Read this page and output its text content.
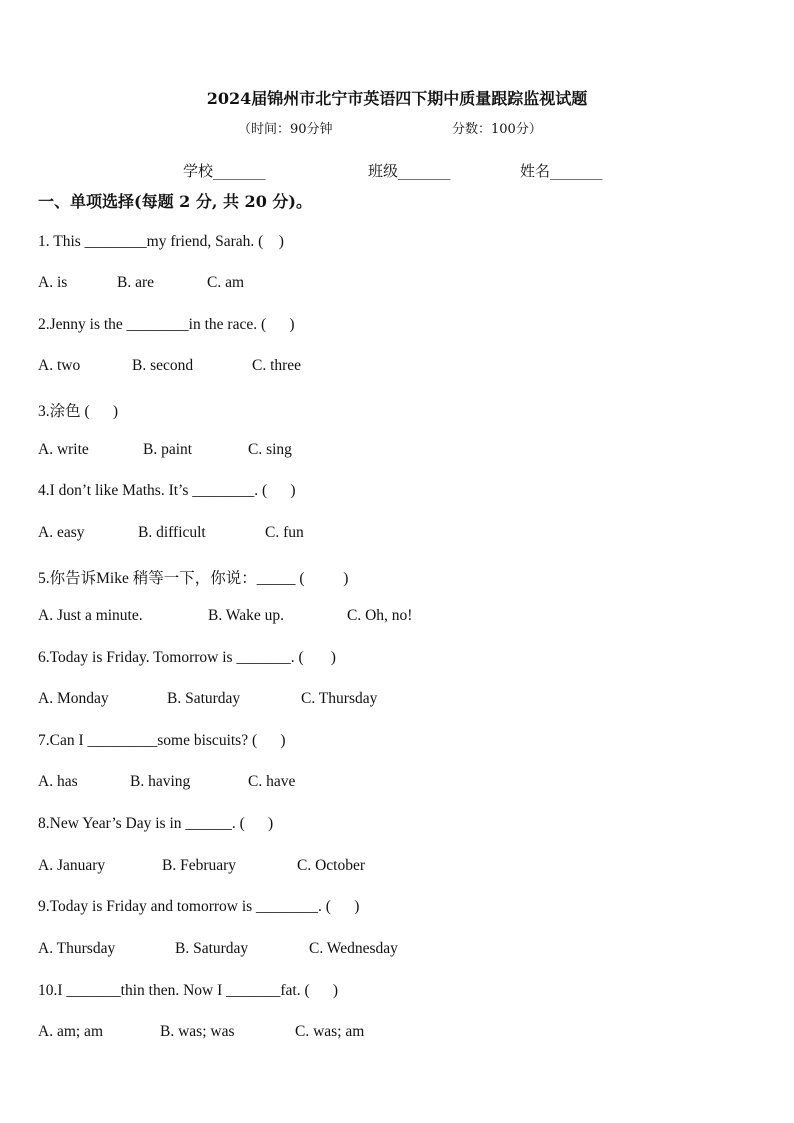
2024届锦州市北宁市英语四下期中质量跟踪监视试题
（时间：90分钟	分数：100分）
学校_______	班级_______	姓名_______
一、单项选择(每题 2 分, 共 20 分)。
1. This ________my friend, Sarah. (    )
A. is	B. are	C. am
2.Jenny is the ________in the race. (      )
A. two	B. second	C. three
3.涂色 (      )
A. write	B. paint	C. sing
4.I don’t like Maths. It’s ________. (      )
A. easy	B. difficult	C. fun
5.你告诉Mike 稍等一下，你说：_____ (          )
A. Just a minute.	B. Wake up.	C. Oh, no!
6.Today is Friday. Tomorrow is _______. (       )
A. Monday	B. Saturday	C. Thursday
7.Can I _________some biscuits? (      )
A. has	B. having	C. have
8.New Year’s Day is in ______. (      )
A. January	B. February	C. October
9.Today is Friday and tomorrow is ________. (      )
A. Thursday	B. Saturday	C. Wednesday
10.I _______thin then. Now I _______fat. (      )
A. am; am	B. was; was	C. was; am
